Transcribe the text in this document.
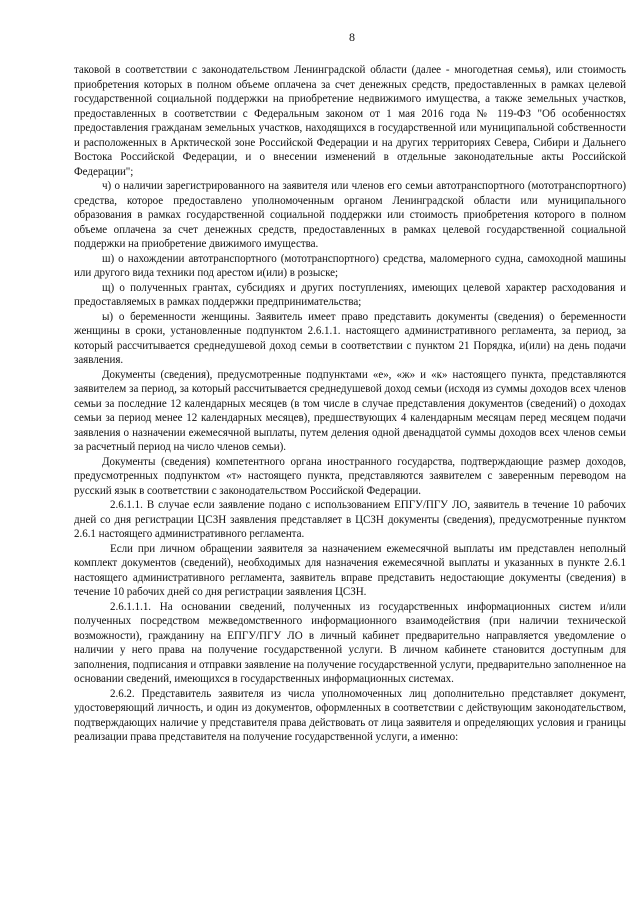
8

таковой в соответствии с законодательством Ленинградской области (далее - многодетная семья), или стоимость приобретения которых в полном объеме оплачена за счет денежных средств, предоставленных в рамках целевой государственной социальной поддержки на приобретение недвижимого имущества, а также земельных участков, предоставленных в соответствии с Федеральным законом от 1 мая 2016 года № 119-ФЗ "Об особенностях предоставления гражданам земельных участков, находящихся в государственной или муниципальной собственности и расположенных в Арктической зоне Российской Федерации и на других территориях Севера, Сибири и Дальнего Востока Российской Федерации, и о внесении изменений в отдельные законодательные акты Российской Федерации";

ч) о наличии зарегистрированного на заявителя или членов его семьи автотранспортного (мототранспортного) средства, которое предоставлено уполномоченным органом Ленинградской области или муниципального образования в рамках государственной социальной поддержки или стоимость приобретения которого в полном объеме оплачена за счет денежных средств, предоставленных в рамках целевой государственной социальной поддержки на приобретение движимого имущества.

ш) о нахождении автотранспортного (мототранспортного) средства, маломерного судна, самоходной машины или другого вида техники под арестом и(или) в розыске;

щ) о полученных грантах, субсидиях и других поступлениях, имеющих целевой характер расходования и предоставляемых в рамках поддержки предпринимательства;

ы) о беременности женщины. Заявитель имеет право представить документы (сведения) о беременности женщины в сроки, установленные подпунктом 2.6.1.1. настоящего административного регламента, за период, за который рассчитывается среднедушевой доход семьи в соответствии с пунктом 21 Порядка, и(или) на день подачи заявления.

Документы (сведения), предусмотренные подпунктами «е», «ж» и «к» настоящего пункта, представляются заявителем за период, за который рассчитывается среднедушевой доход семьи (исходя из суммы доходов всех членов семьи за последние 12 календарных месяцев (в том числе в случае представления документов (сведений) о доходах семьи за период менее 12 календарных месяцев), предшествующих 4 календарным месяцам перед месяцем подачи заявления о назначении ежемесячной выплаты, путем деления одной двенадцатой суммы доходов всех членов семьи за расчетный период на число членов семьи).

Документы (сведения) компетентного органа иностранного государства, подтверждающие размер доходов, предусмотренных подпунктом «т» настоящего пункта, представляются заявителем с заверенным переводом на русский язык в соответствии с законодательством Российской Федерации.

2.6.1.1. В случае если заявление подано с использованием ЕПГУ/ПГУ ЛО, заявитель в течение 10 рабочих дней со дня регистрации ЦСЗН заявления представляет в ЦСЗН документы (сведения), предусмотренные пунктом 2.6.1 настоящего административного регламента.

Если при личном обращении заявителя за назначением ежемесячной выплаты им представлен неполный комплект документов (сведений), необходимых для назначения ежемесячной выплаты и указанных в пункте 2.6.1 настоящего административного регламента, заявитель вправе представить недостающие документы (сведения) в течение 10 рабочих дней со дня регистрации заявления ЦСЗН.

2.6.1.1.1. На основании сведений, полученных из государственных информационных систем и/или полученных посредством межведомственного информационного взаимодействия (при наличии технической возможности), гражданину на ЕПГУ/ПГУ ЛО в личный кабинет предварительно направляется уведомление о наличии у него права на получение государственной услуги. В личном кабинете становится доступным для заполнения, подписания и отправки заявление на получение государственной услуги, предварительно заполненное на основании сведений, имеющихся в государственных информационных системах.

2.6.2. Представитель заявителя из числа уполномоченных лиц дополнительно представляет документ, удостоверяющий личность, и один из документов, оформленных в соответствии с действующим законодательством, подтверждающих наличие у представителя права действовать от лица заявителя и определяющих условия и границы реализации права представителя на получение государственной услуги, а именно:
